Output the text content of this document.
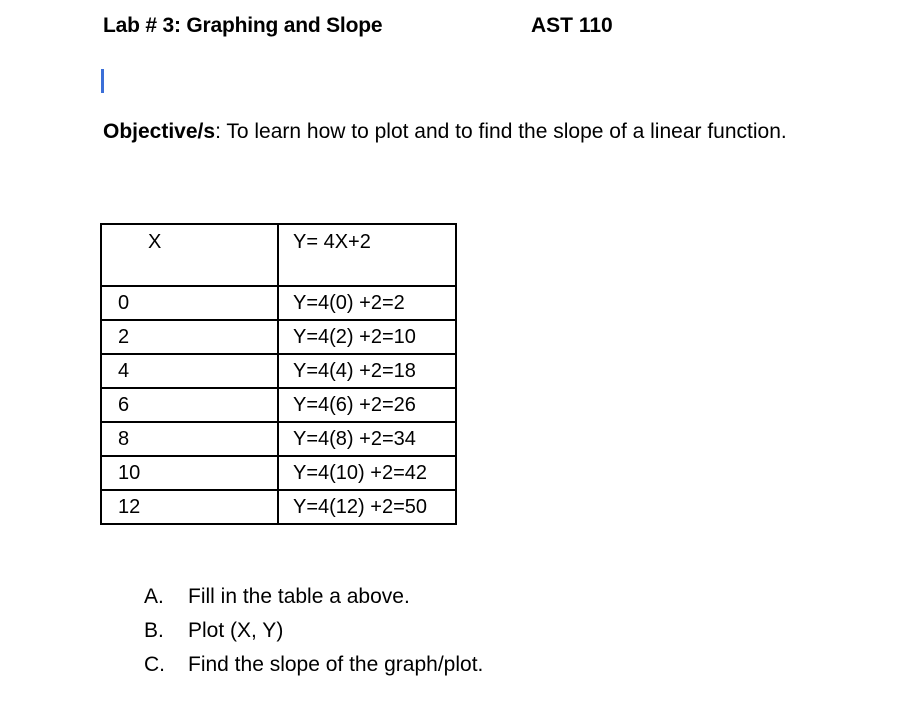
Lab # 3: Graphing and Slope	AST 110
Objective/s: To learn how to plot and to find the slope of a linear function.
X	Y= 4X+2
0	Y=4(0) +2=2
2	Y=4(2) +2=10
4	Y=4(4) +2=18
6	Y=4(6) +2=26
8	Y=4(8) +2=34
10	Y=4(10) +2=42
12	Y=4(12) +2=50
A. Fill in the table a above.
B. Plot (X, Y)
C. Find the slope of the graph/plot.
